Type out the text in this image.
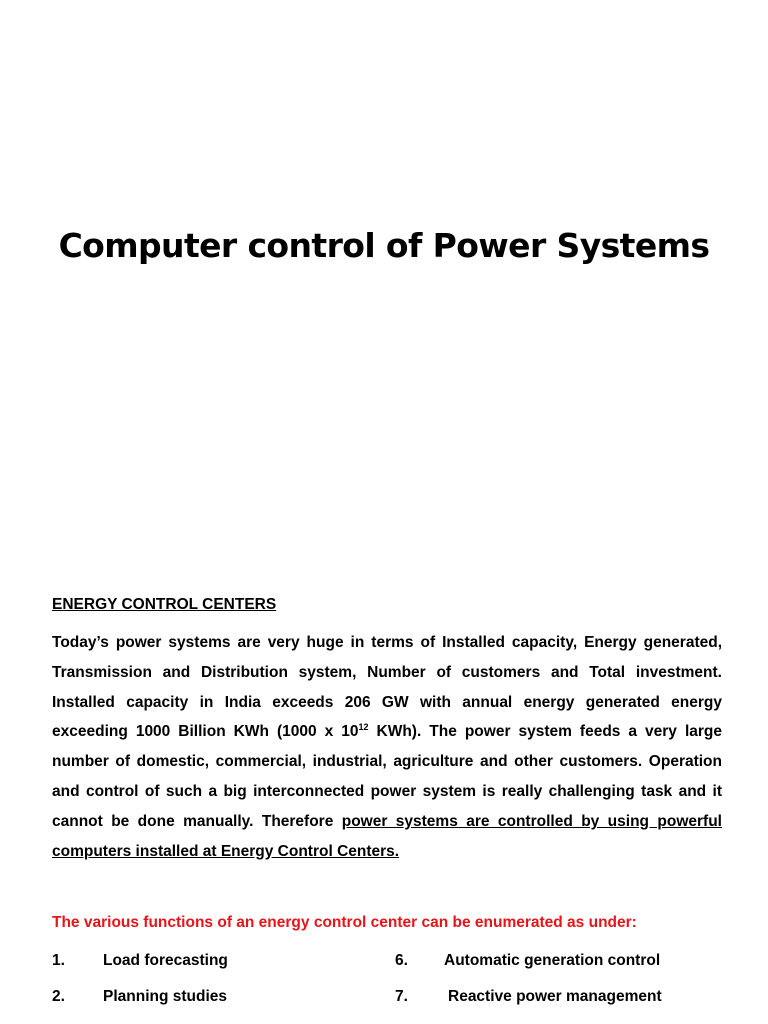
Computer control of Power Systems
ENERGY CONTROL CENTERS

Today’s power systems are very huge in terms of Installed capacity, Energy generated, Transmission and Distribution system, Number of customers and Total investment. Installed capacity in India exceeds 206 GW with annual energy generated energy exceeding 1000 Billion KWh (1000 x $10^{12}$ KWh). The power system feeds a very large number of domestic, commercial, industrial, agriculture and other customers. Operation and control of such a big interconnected power system is really challenging task and it cannot be done manually. Therefore power systems are controlled by using powerful computers installed at Energy Control Centers.

The various functions of an energy control center can be enumerated as under:

1. Load forecasting
2. Planning studies
6. Automatic generation control
7.	Reactive power management
